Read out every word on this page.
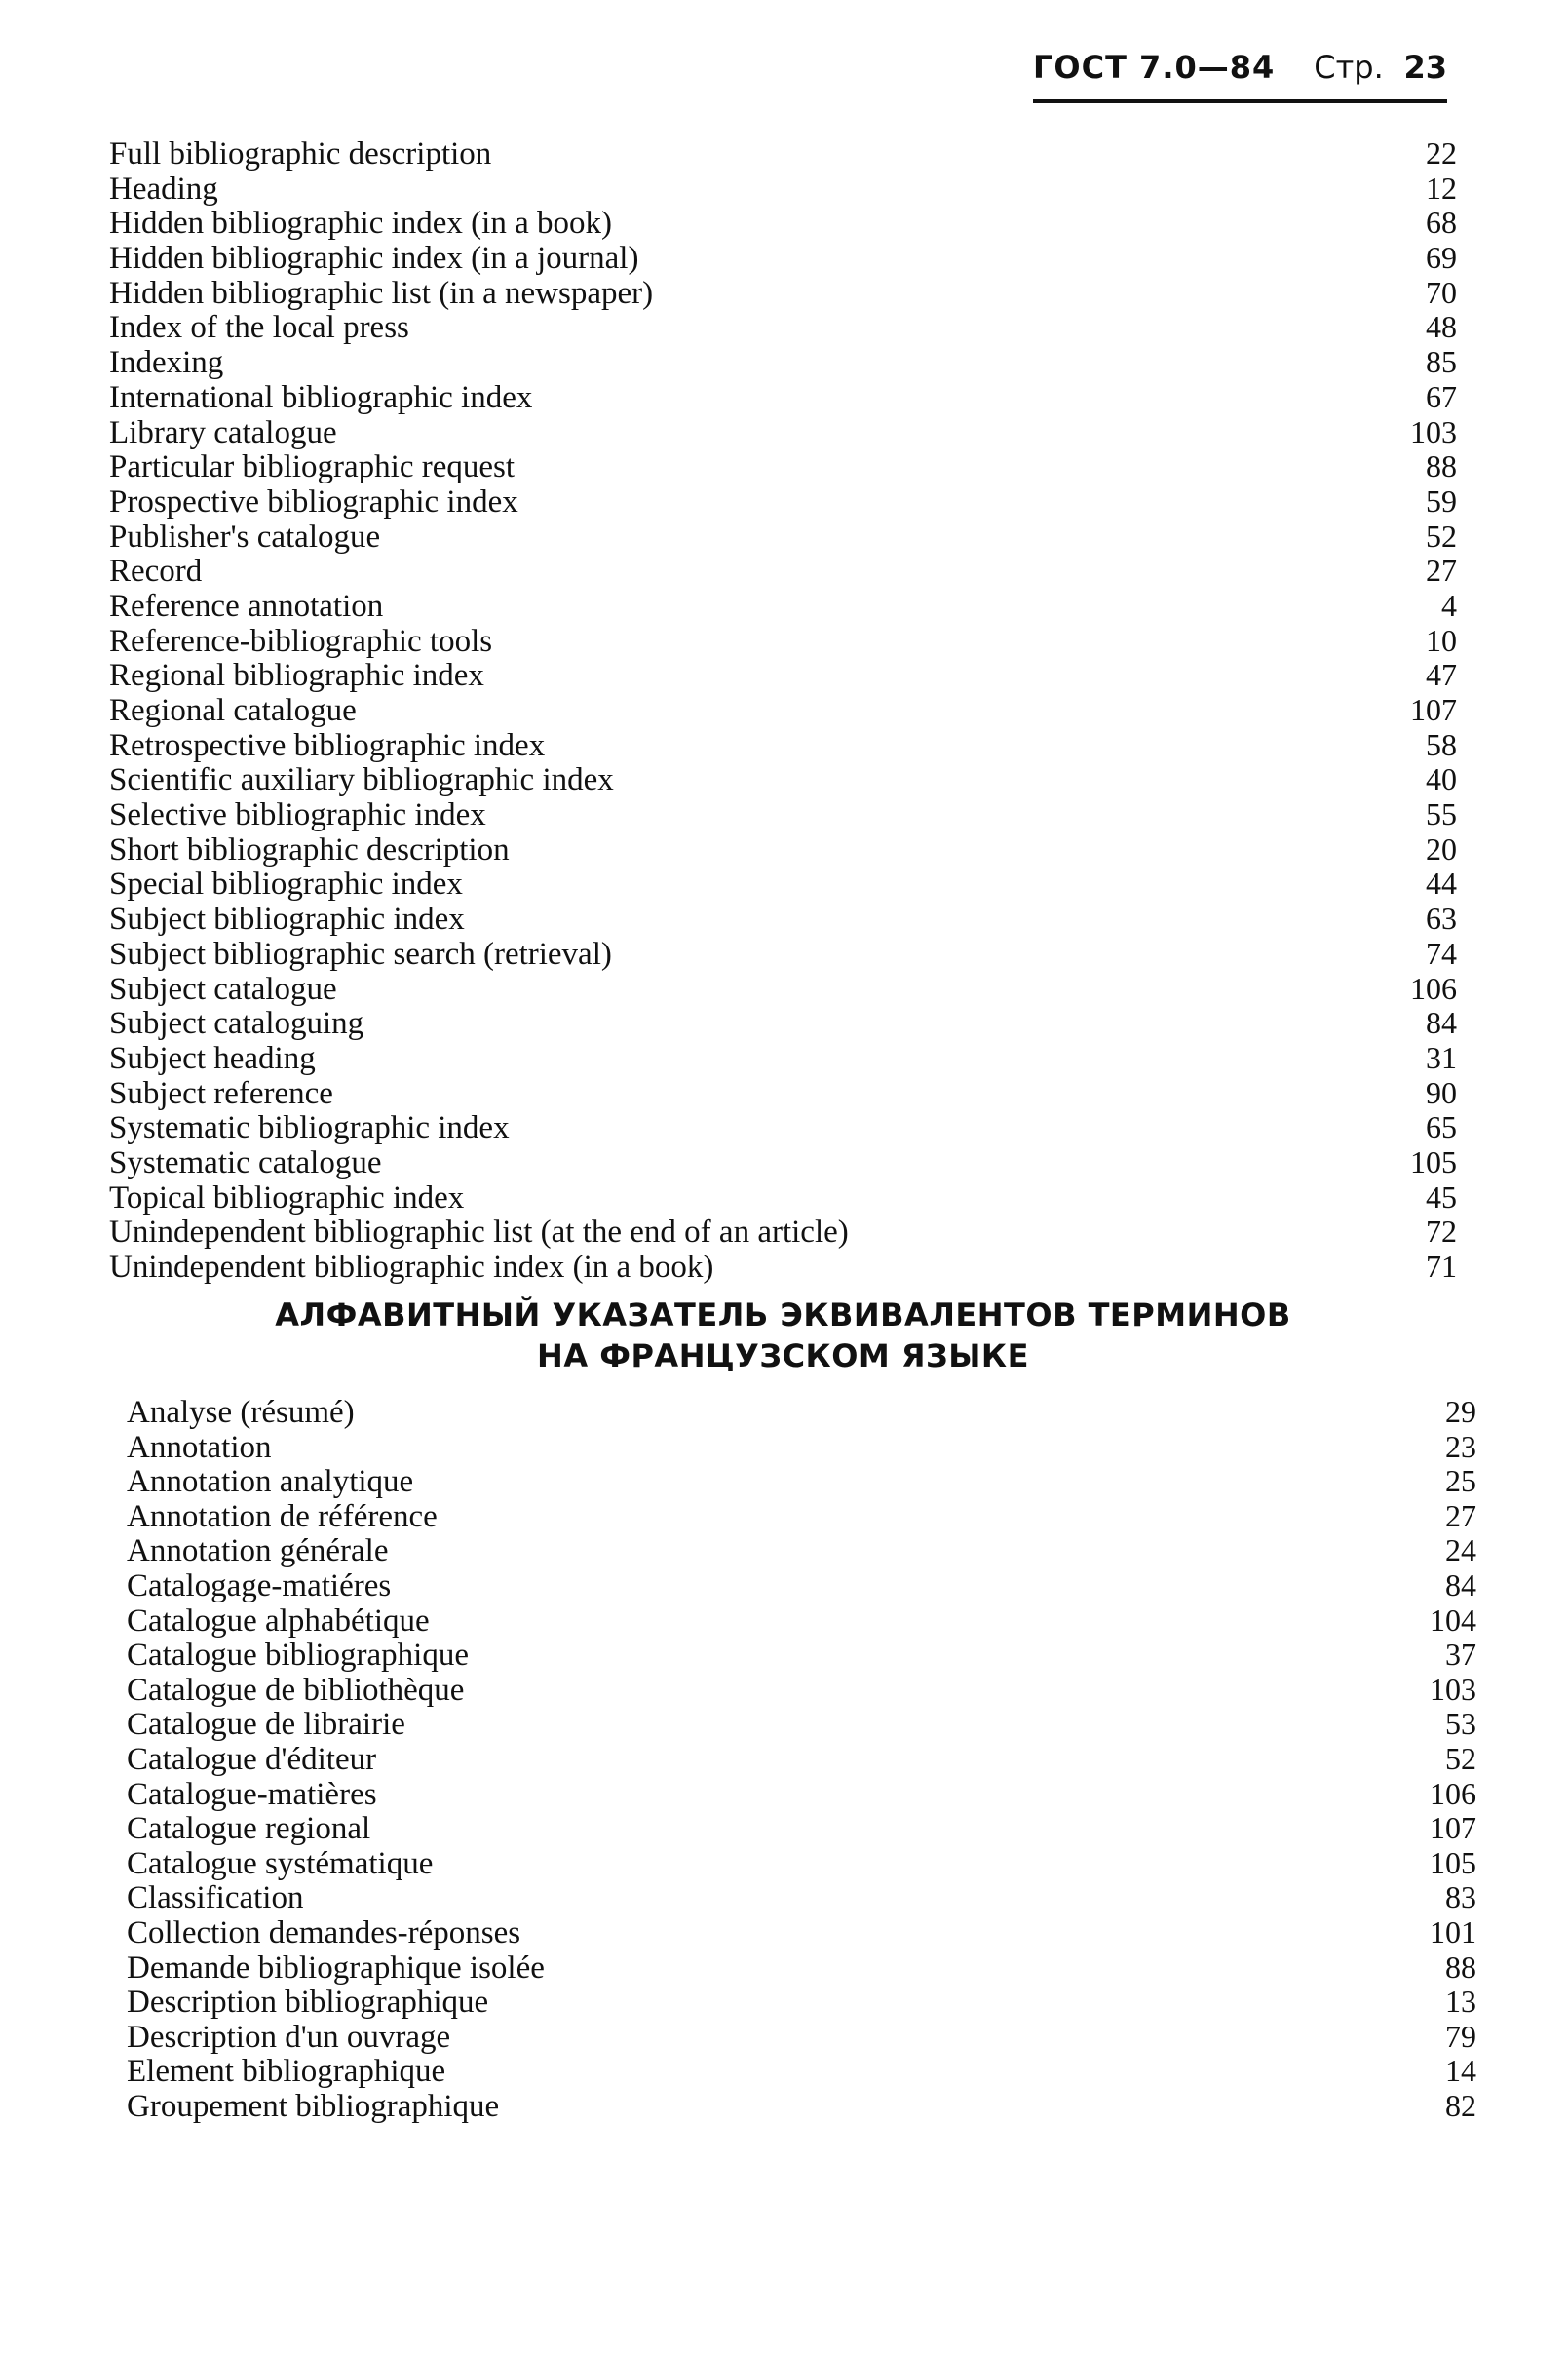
ГОСТ 7.0—84 Стр. 23
Full bibliographic description	22
Heading	12
Hidden bibliographic index (in a book)	68
Hidden bibliographic index (in a journal)	69
Hidden bibliographic list (in a newspaper)	70
Index of the local press	48
Indexing	85
International bibliographic index	67
Library catalogue	103
Particular bibliographic request	88
Prospective bibliographic index	59
Publisher's catalogue	52
Record	27
Reference annotation	4
Reference-bibliographic tools	10
Regional bibliographic index	47
Regional catalogue	107
Retrospective bibliographic index	58
Scientific auxiliary bibliographic index	40
Selective bibliographic index	55
Short bibliographic description	20
Special bibliographic index	44
Subject bibliographic index	63
Subject bibliographic search (retrieval)	74
Subject catalogue	106
Subject cataloguing	84
Subject heading	31
Subject reference	90
Systematic bibliographic index	65
Systematic catalogue	105
Topical bibliographic index	45
Unindependent bibliographic list (at the end of an article)	72
Unindependent bibliographic index (in a book)	71
АЛФАВИТНЫЙ УКАЗАТЕЛЬ ЭКВИВАЛЕНТОВ ТЕРМИНОВ
НА ФРАНЦУЗСКОМ ЯЗЫКЕ
Analyse (résumé)	29
Annotation	23
Annotation analytique	25
Annotation de référence	27
Annotation générale	24
Catalogage-matiéres	84
Catalogue alphabétique	104
Catalogue bibliographique	37
Catalogue de bibliothèque	103
Catalogue de librairie	53
Catalogue d'éditeur	52
Catalogue-matières	106
Catalogue regional	107
Catalogue systématique	105
Classification	83
Collection demandes-réponses	101
Demande bibliographique isolée	88
Description bibliographique	13
Description d'un ouvrage	79
Element bibliographique	14
Groupement bibliographique	82
